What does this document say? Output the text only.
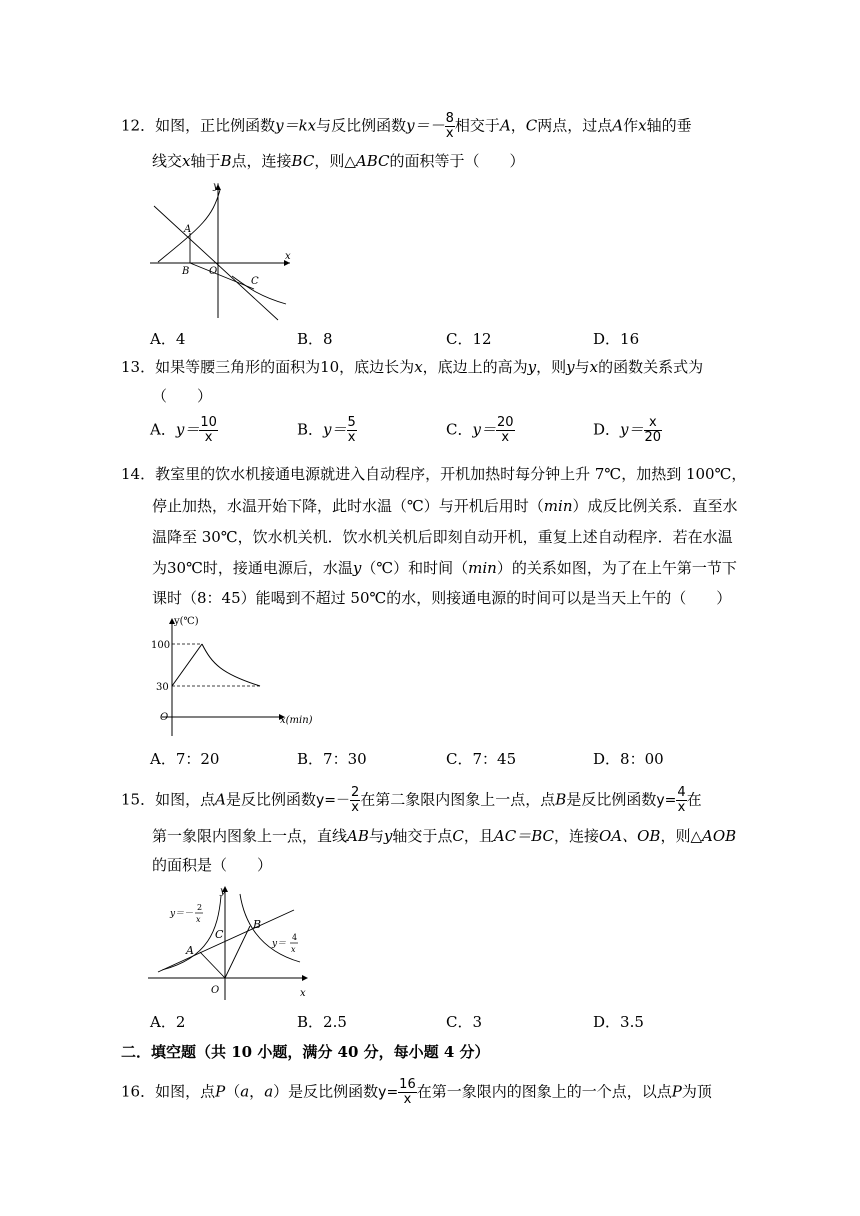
12．如图，正比例函数y＝kx与反比例函数$y=- \frac{8}{x}$ 相交于A，C两点，过点A作x轴的垂
线交x轴于B点，连接BC，则△ABC的面积等于（　　）
y
x
A
B O
C
A．4	B．8	C．12	D．16
13．如果等腰三角形的面积为10，底边长为x，底边上的高为y，则y与x的函数关系式为
（　　）
A．$y= \frac{10}{x}$	B．$y= \frac{5}{x}$	C．$y= \frac{20}{x}$	D．$y= \frac{x}{20}$
14．教室里的饮水机接通电源就进入自动程序，开机加热时每分钟上升 7℃，加热到 100℃，
停止加热，水温开始下降，此时水温（℃）与开机后用时（min）成反比例关系．直至水
温降至 30℃，饮水机关机．饮水机关机后即刻自动开机，重复上述自动程序．若在水温
为30℃时，接通电源后，水温y（℃）和时间（min）的关系如图，为了在上午第一节下
课时（8：45）能喝到不超过 50℃的水，则接通电源的时间可以是当天上午的（　　）
y(℃)
100
30
O	x(min)
A．7：20	B．7：30	C．7：45	D．8：00
15．如图，点A是反比例函数$y=- \frac{2}{x}$ 在第二象限内图象上一点，点B是反比例函数$y= \frac{4}{x}$ 在
第一象限内图象上一点，直线AB与y轴交于点C，且AC＝BC，连接OA、OB，则△AOB
的面积是（　　）
y
x
O
A
B
C
y＝－
2
x
y＝
4
x
A．2	B．2.5	C．3	D．3.5
二．填空题（共 10 小题，满分 40 分，每小题 4 分）
16．如图，点P（a，a）是反比例函数$y= \frac{16}{x}$ 在第一象限内的图象上的一个点，以点P为顶
